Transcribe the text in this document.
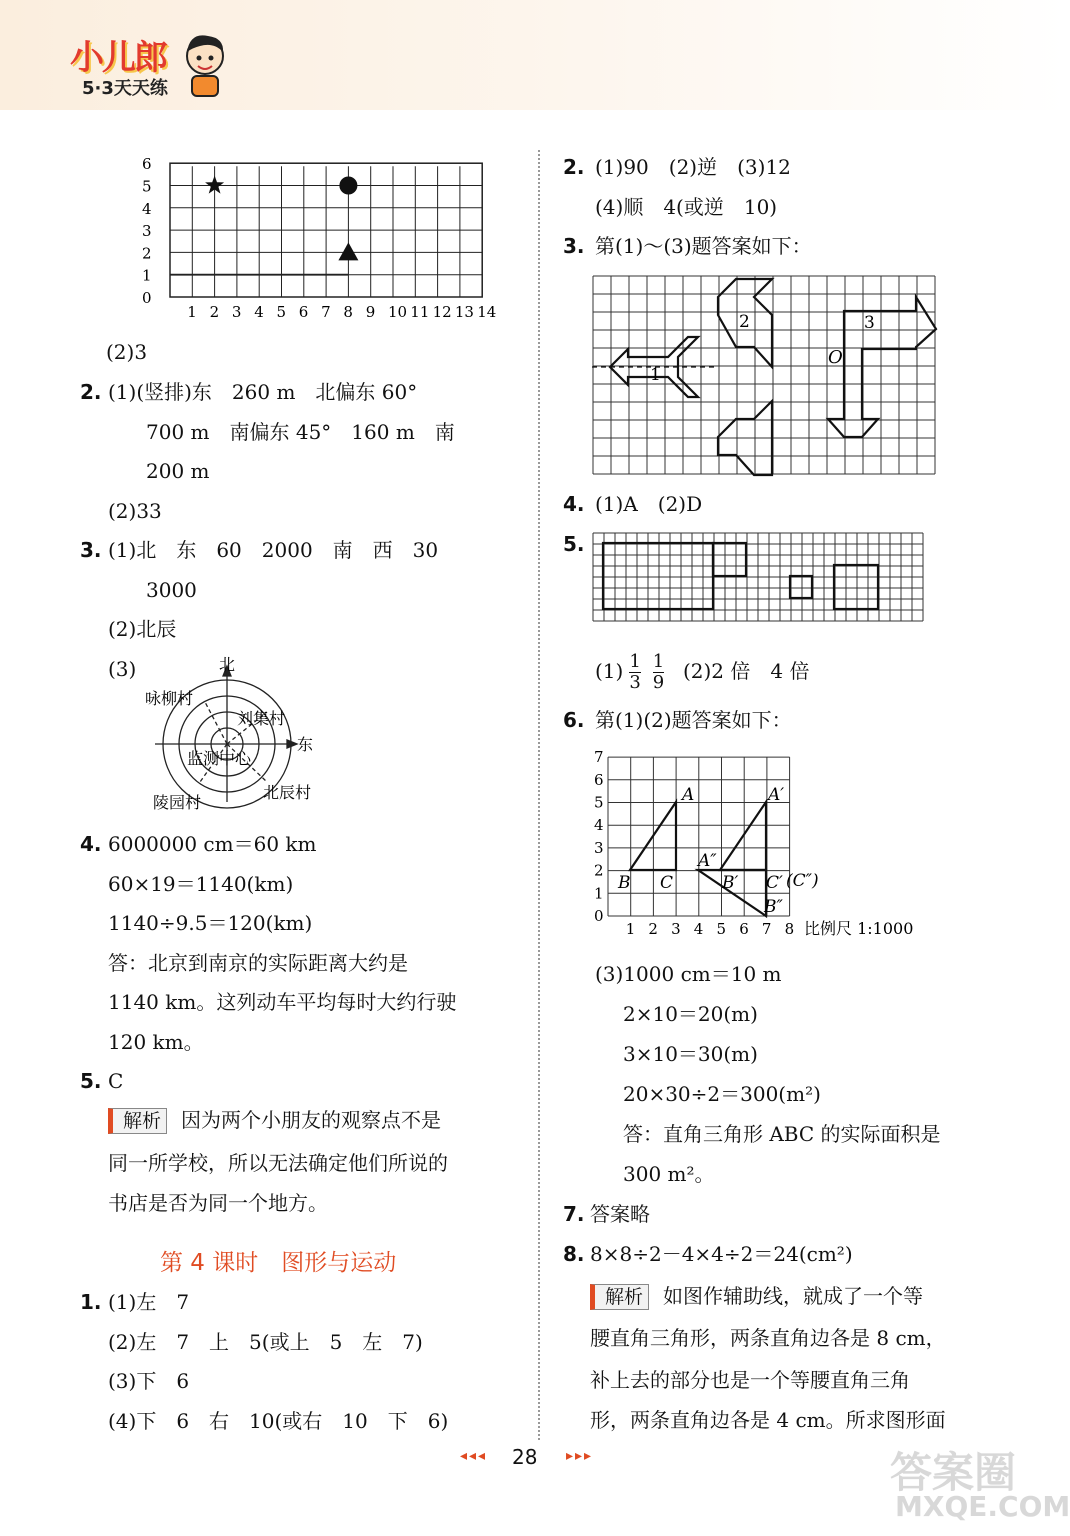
小儿郎
5·3天天练
0
1
2
3
4
5
6
1 2 3 4 5 6 7 8 9 10 11 12 13 14
(2)3
2. (1)(竖排)东　260 m　北偏东 60°
700 m　南偏东 45°　160 m　南
200 m
(2)33
3. (1)北　东　60　2000　南　西　30
3000
(2)北辰
(3)	北
东
咏柳村
刘集村
监测中心
陵园村
北辰村
4. 6000000 cm＝60 km
60×19＝1140(km)
1140÷9.5＝120(km)
答：北京到南京的实际距离大约是
1140 km。这列动车平均每时大约行驶
120 km。
5. C
解析 因为两个小朋友的观察点不是
同一所学校，所以无法确定他们所说的
书店是否为同一个地方。
第 4 课时　图形与运动
1. (1)左　7
(2)左　7　上　5(或上　5　左　7)
(3)下　6
(4)下　6　右　10(或右　10　下　6)
2. (1)90　(2)逆　(3)12
(4)顺　4(或逆　10)
3. 第(1)～(3)题答案如下：
2
1
3
O
4. (1)A　(2)D
5.
$(1) \frac{1}{3} \frac{1}{9} (2)2$ 倍　4 倍
6. 第(1)(2)题答案如下：
0
1
2
3
4
5
6
7
1 2 3 4 5 6 7 8
A
B C
A′
A″
B′ C′ (C″)
B″
比例尺 1:1000
(3)1000 cm＝10 m
2×10＝20(m)
3×10＝30(m)
20×30÷2＝300(m²)
答：直角三角形 ABC 的实际面积是
300 m²。
7. 答案略
8. 8×8÷2－4×4÷2＝24(cm²)
解析 如图作辅助线，就成了一个等
腰直角三角形，两条直角边各是 8 cm，
补上去的部分也是一个等腰直角三角
形，两条直角边各是 4 cm。所求图形面
◂◂◂ 28 ▸▸▸	答案圈
MXQE.COM
